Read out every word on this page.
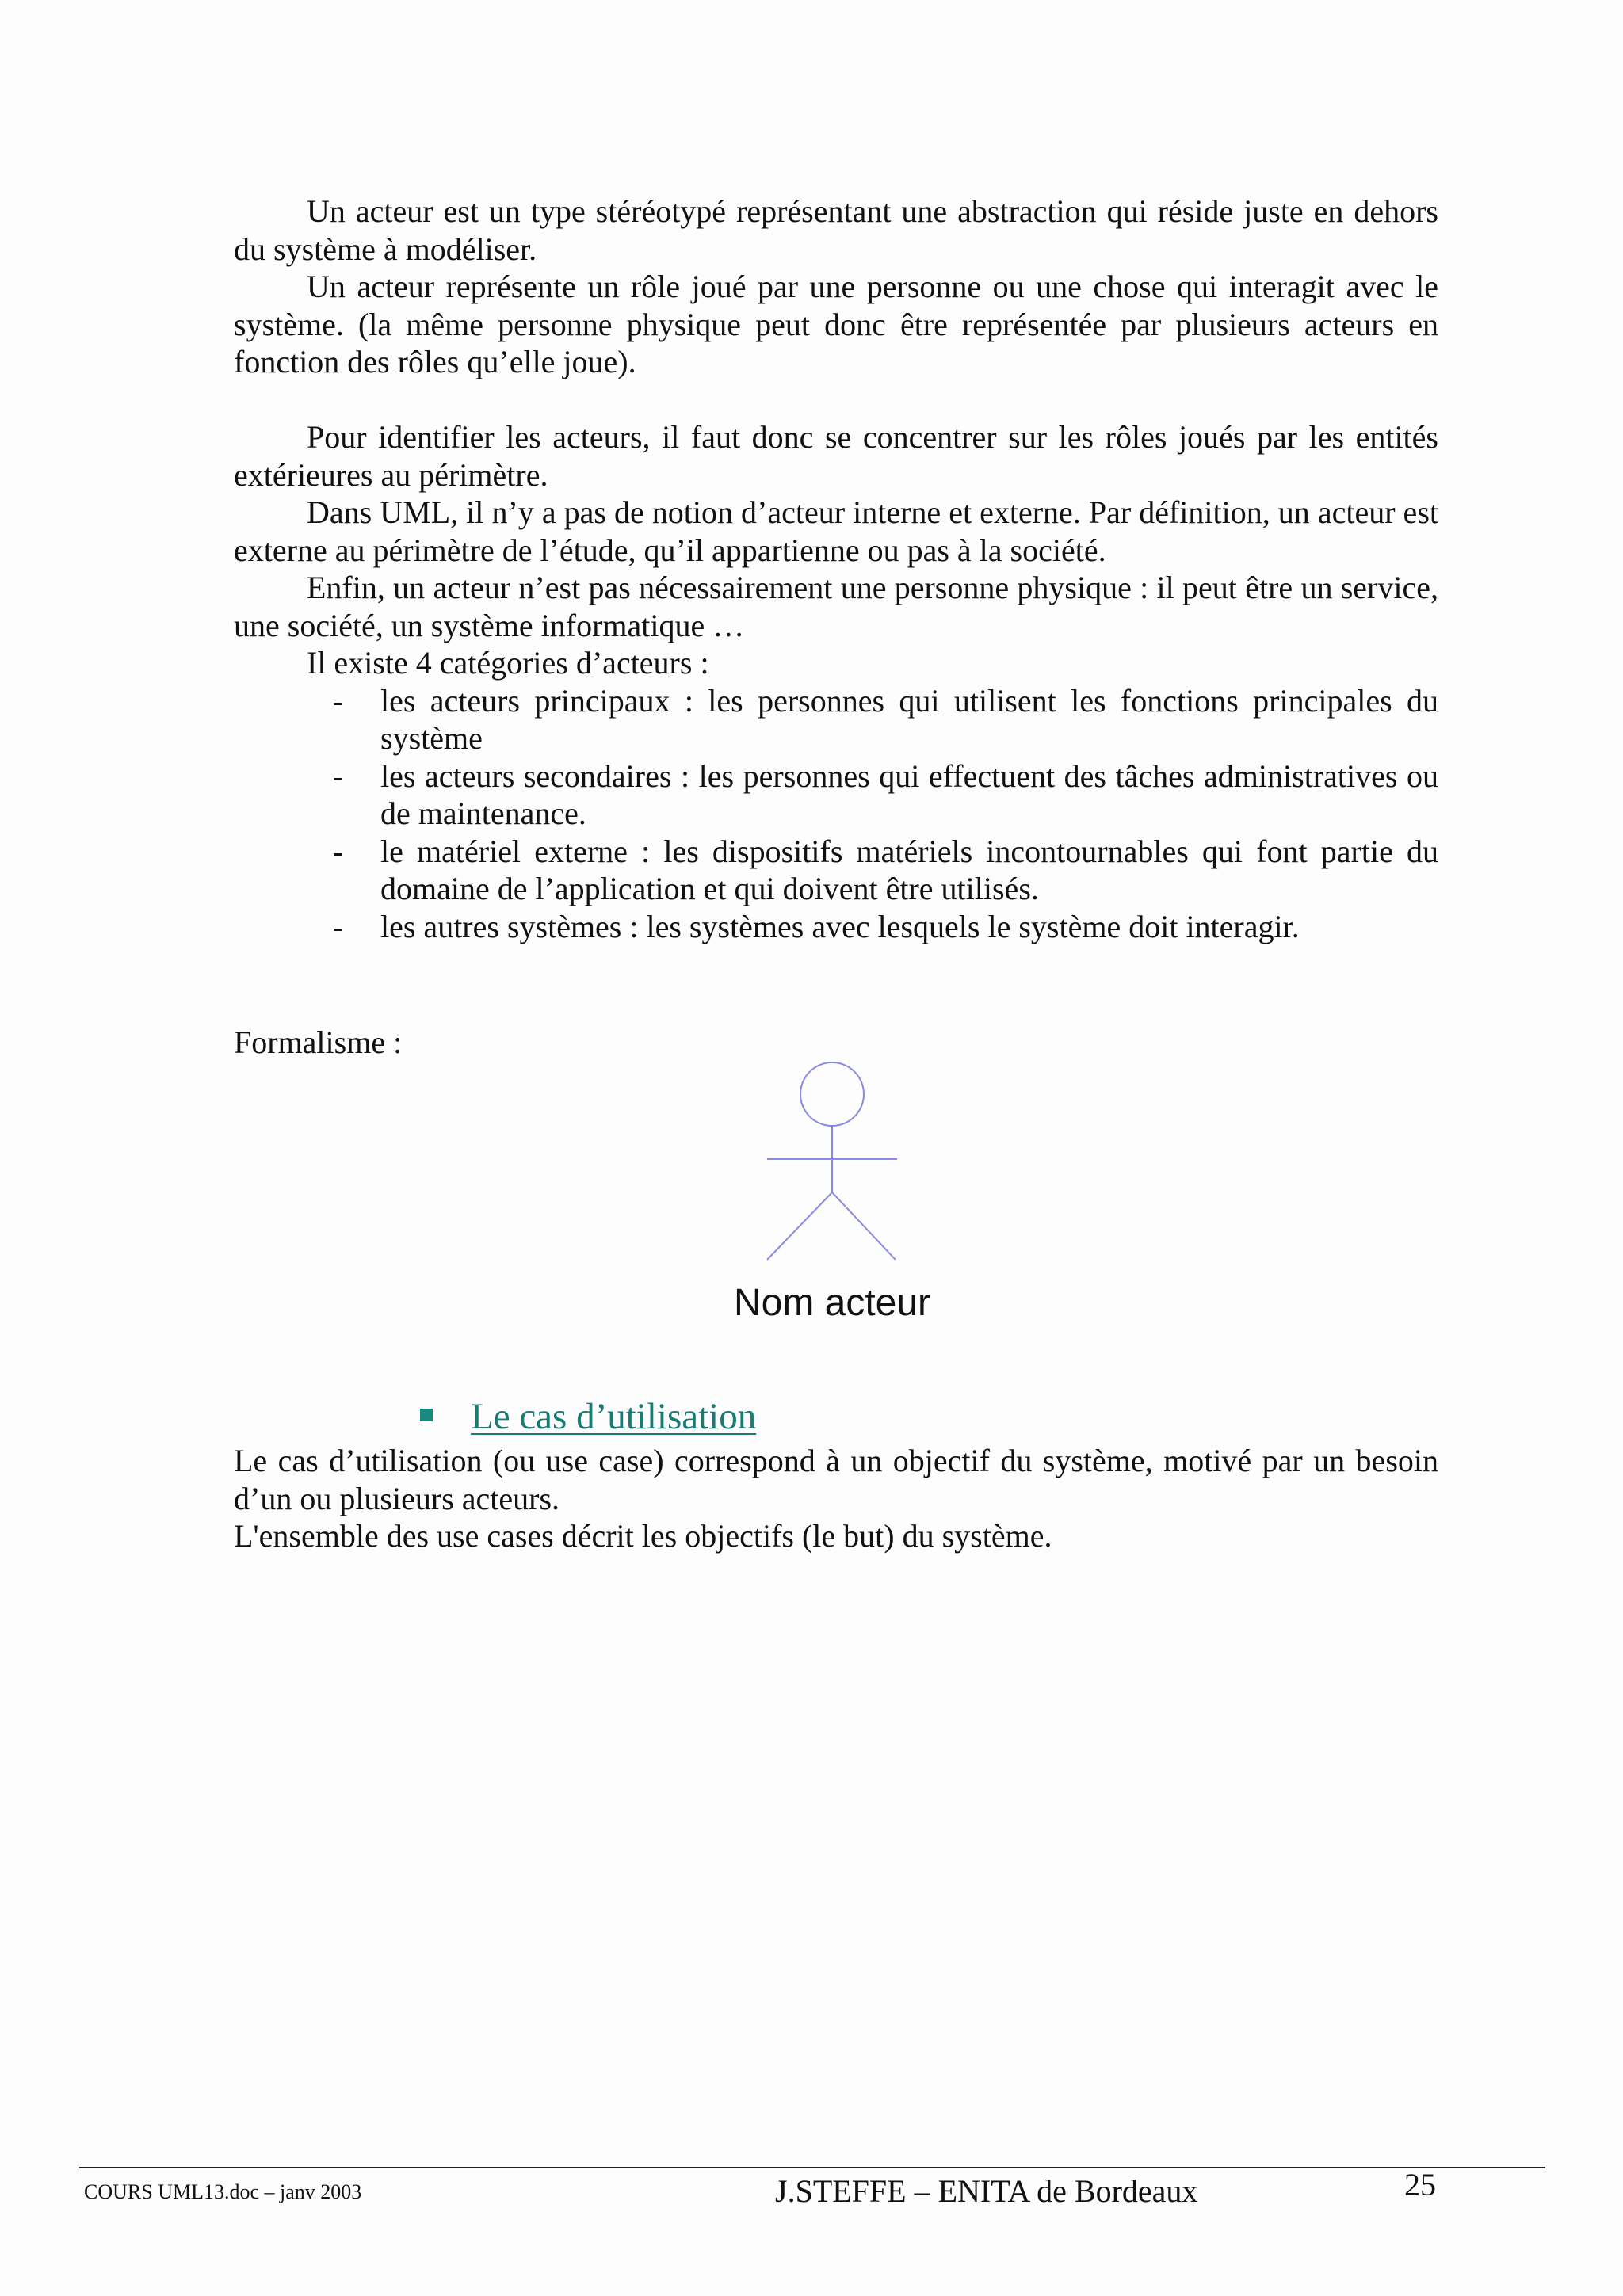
Un acteur est un type stéréotypé représentant une abstraction qui réside juste en dehors du système à modéliser.

Un acteur représente un rôle joué par une personne ou une chose qui interagit avec le système. (la même personne physique peut donc être représentée par plusieurs acteurs en fonction des rôles qu’elle joue).

Pour identifier les acteurs, il faut donc se concentrer sur les rôles joués par les entités extérieures au périmètre.

Dans UML, il n’y a pas de notion d’acteur interne et externe. Par définition, un acteur est externe au périmètre de l’étude, qu’il appartienne ou pas à la société.

Enfin, un acteur n’est pas nécessairement une personne physique : il peut être un service, une société, un système informatique …

Il existe 4 catégories d’acteurs :

- les acteurs principaux : les personnes qui utilisent les fonctions principales du système
- les acteurs secondaires : les personnes qui effectuent des tâches administratives ou de maintenance.
- le matériel externe : les dispositifs matériels incontournables qui font partie du domaine de l’application et qui doivent être utilisés.
- les autres systèmes : les systèmes avec lesquels le système doit interagir.
Formalisme :
Nom acteur
Le cas d’utilisation

Le cas d’utilisation (ou use case) correspond à un objectif du système, motivé par un besoin d’un ou plusieurs acteurs.

L'ensemble des use cases décrit les objectifs (le but) du système.

COURS UML13.doc – janv 2003	J.STEFFE – ENITA de Bordeaux	25
